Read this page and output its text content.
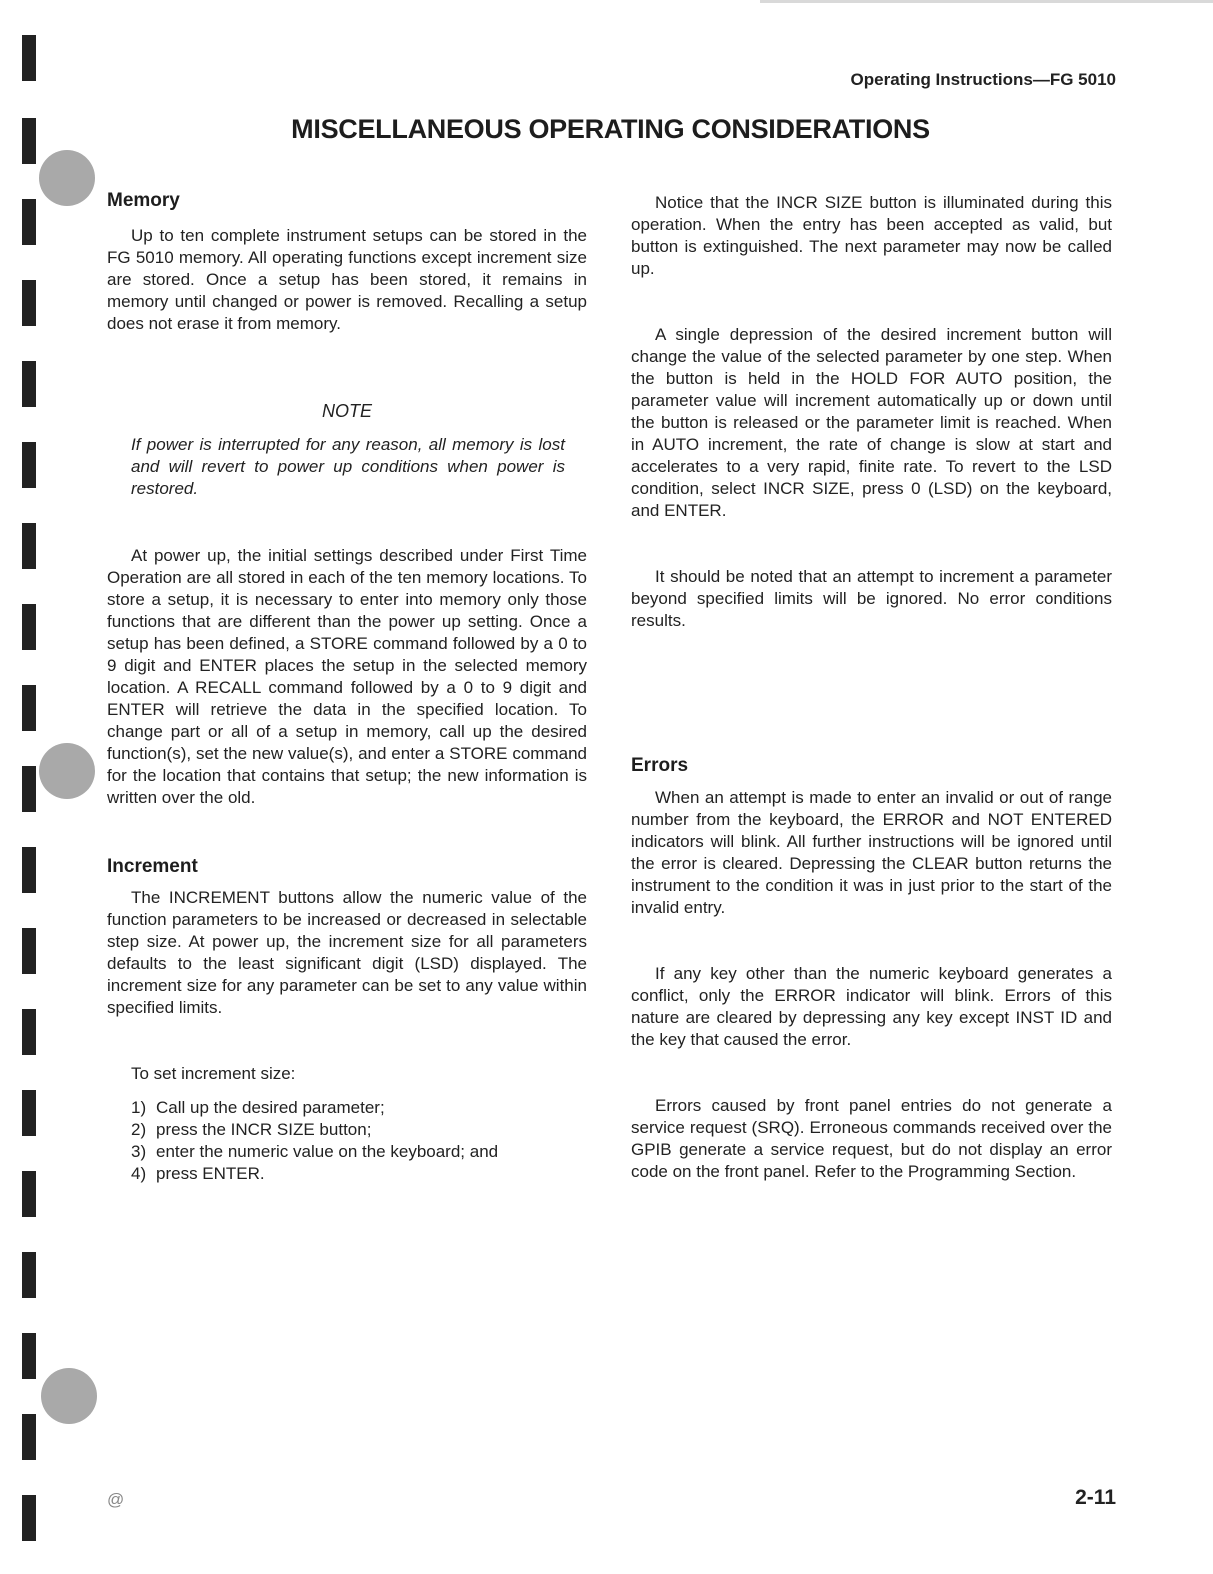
Operating Instructions—FG 5010
MISCELLANEOUS OPERATING CONSIDERATIONS
Memory

Up to ten complete instrument setups can be stored in the FG 5010 memory. All operating functions except increment size are stored. Once a setup has been stored, it remains in memory until changed or power is removed. Recalling a setup does not erase it from memory.

NOTE

If power is interrupted for any reason, all memory is lost and will revert to power up conditions when power is restored.

At power up, the initial settings described under First Time Operation are all stored in each of the ten memory locations. To store a setup, it is necessary to enter into memory only those functions that are different than the power up setting. Once a setup has been defined, a STORE command followed by a 0 to 9 digit and ENTER places the setup in the selected memory location. A RECALL command followed by a 0 to 9 digit and ENTER will retrieve the data in the specified location. To change part or all of a setup in memory, call up the desired function(s), set the new value(s), and enter a STORE command for the location that contains that setup; the new information is written over the old.

Increment

The INCREMENT buttons allow the numeric value of the function parameters to be increased or decreased in selectable step size. At power up, the increment size for all parameters defaults to the least significant digit (LSD) displayed. The increment size for any parameter can be set to any value within specified limits.

To set increment size:

1) Call up the desired parameter;
2) press the INCR SIZE button;
3) enter the numeric value on the keyboard; and
4) press ENTER.

Notice that the INCR SIZE button is illuminated during this operation. When the entry has been accepted as valid, but button is extinguished. The next parameter may now be called up.

A single depression of the desired increment button will change the value of the selected parameter by one step. When the button is held in the HOLD FOR AUTO position, the parameter value will increment automatically up or down until the button is released or the parameter limit is reached. When in AUTO increment, the rate of change is slow at start and accelerates to a very rapid, finite rate. To revert to the LSD condition, select INCR SIZE, press 0 (LSD) on the keyboard, and ENTER.

It should be noted that an attempt to increment a parameter beyond specified limits will be ignored. No error conditions results.

Errors

When an attempt is made to enter an invalid or out of range number from the keyboard, the ERROR and NOT ENTERED indicators will blink. All further instructions will be ignored until the error is cleared. Depressing the CLEAR button returns the instrument to the condition it was in just prior to the start of the invalid entry.

If any key other than the numeric keyboard generates a conflict, only the ERROR indicator will blink. Errors of this nature are cleared by depressing any key except INST ID and the key that caused the error.

Errors caused by front panel entries do not generate a service request (SRQ). Erroneous commands received over the GPIB generate a service request, but do not display an error code on the front panel. Refer to the Programming Section.

@	2-11
